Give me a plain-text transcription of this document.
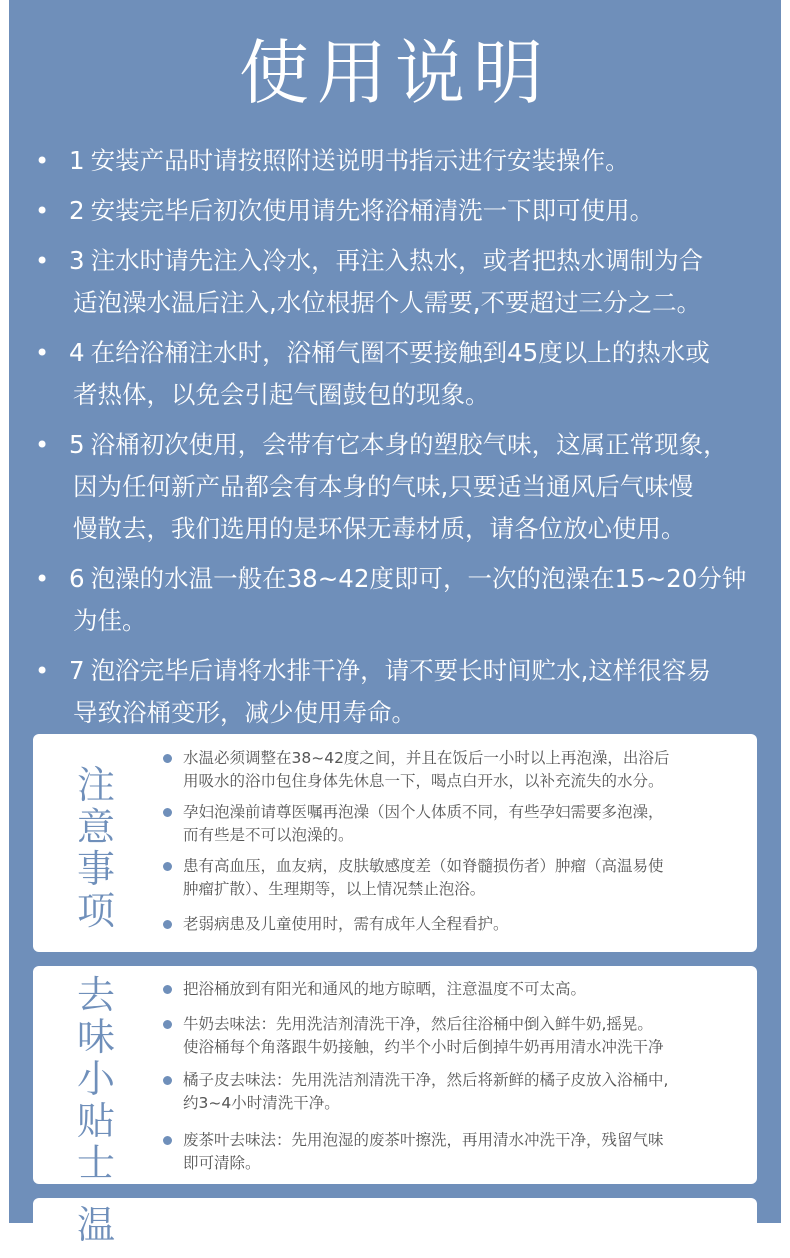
使用说明
• 1 安装产品时请按照附送说明书指示进行安装操作。
• 2 安装完毕后初次使用请先将浴桶清洗一下即可使用。
• 3 注水时请先注入冷水，再注入热水，或者把热水调制为合
适泡澡水温后注入,水位根据个人需要,不要超过三分之二。
• 4 在给浴桶注水时，浴桶气圈不要接触到45度以上的热水或
者热体，以免会引起气圈鼓包的现象。
• 5 浴桶初次使用，会带有它本身的塑胶气味，这属正常现象，
因为任何新产品都会有本身的气味,只要适当通风后气味慢
慢散去，我们选用的是环保无毒材质，请各位放心使用。
• 6 泡澡的水温一般在38~42度即可，一次的泡澡在15~20分钟
为佳。
• 7 泡浴完毕后请将水排干净，请不要长时间贮水,这样很容易
导致浴桶变形，减少使用寿命。
注
意
事
项
水温必须调整在38~42度之间，并且在饭后一小时以上再泡澡，出浴后
用吸水的浴巾包住身体先休息一下，喝点白开水，以补充流失的水分。
孕妇泡澡前请尊医嘱再泡澡（因个人体质不同，有些孕妇需要多泡澡，
而有些是不可以泡澡的。
患有高血压，血友病，皮肤敏感度差（如脊髓损伤者）肿瘤（高温易使
肿瘤扩散）、生理期等，以上情况禁止泡浴。
老弱病患及儿童使用时，需有成年人全程看护。
去
味
小
贴
士
把浴桶放到有阳光和通风的地方晾晒，注意温度不可太高。
牛奶去味法：先用洗洁剂清洗干净，然后往浴桶中倒入鲜牛奶,摇晃。
使浴桶每个角落跟牛奶接触，约半个小时后倒掉牛奶再用清水冲洗干净
橘子皮去味法：先用洗洁剂清洗干净，然后将新鲜的橘子皮放入浴桶中,
约3~4小时清洗干净。
废茶叶去味法：先用泡湿的废茶叶擦洗，再用清水冲洗干净，残留气味
即可清除。
温
